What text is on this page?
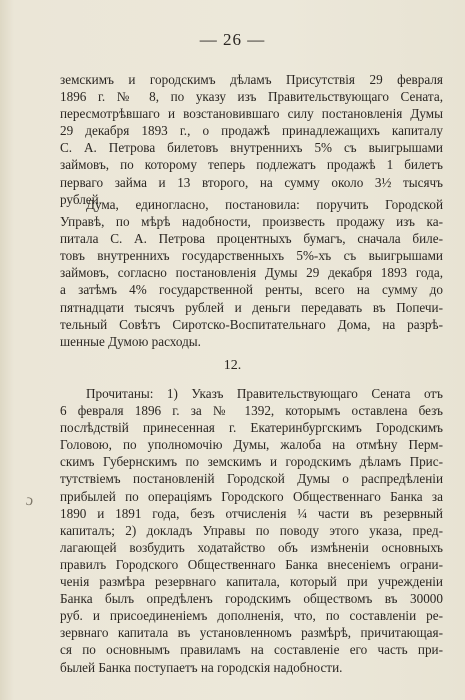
— 26 —
земскимъ и городскимъ дѣламъ Присутствія 29 февраля
1896 г. № 8, по указу изъ Правительствующаго Сената,
пересмотрѣвшаго и возстановившаго силу постановленія Думы
29 декабря 1893 г., о продажѣ принадлежащихъ капиталу
С. А. Петрова билетовъ внутреннихъ 5% съ выигрышами
займовъ, по которому теперь подлежатъ продажѣ 1 билетъ
перваго займа и 13 второго, на сумму около 3½ тысячъ
рублей.
Дума, единогласно, постановила: поручить Городской
Управѣ, по мѣрѣ надобности, произвесть продажу изъ ка-
питала С. А. Петрова процентныхъ бумагъ, сначала биле-
товъ внутреннихъ государственныхъ 5%-хъ съ выигрышами
займовъ, согласно постановленія Думы 29 декабря 1893 года,
а затѣмъ 4% государственной ренты, всего на сумму до
пятнадцати тысячъ рублей и деньги передавать въ Попечи-
тельный Совѣтъ Сиротско-Воспитательнаго Дома, на разрѣ-
шенные Думою расходы.
12.
Прочитаны: 1) Указъ Правительствующаго Сената отъ
6 февраля 1896 г. за № 1392, которымъ оставлена безъ
послѣдствій принесенная г. Екатеринбургскимъ Городскимъ
Головою, по уполномочію Думы, жалоба на отмѣну Перм-
скимъ Губернскимъ по земскимъ и городскимъ дѣламъ Прис-
тутствіемъ постановленій Городской Думы о распредѣленіи
прибылей по операціямъ Городского Общественнаго Банка за
1890 и 1891 года, безъ отчисленія ¼ части въ резервный
капиталъ; 2) докладъ Управы по поводу этого указа, пред-
лагающей возбудить ходатайство объ измѣненіи основныхъ
правилъ Городского Общественнаго Банка внесеніемъ ограни-
ченія размѣра резервнаго капитала, который при учрежденіи
Банка былъ опредѣленъ городскимъ обществомъ въ 30000
руб. и присоединеніемъ дополненія, что, по составленіи ре-
зервнаго капитала въ установленномъ размѣрѣ, причитающая-
ся по основнымъ правиламъ на составленіе его часть при-
былей Банка поступаетъ на городскія надобности.
ɔ
